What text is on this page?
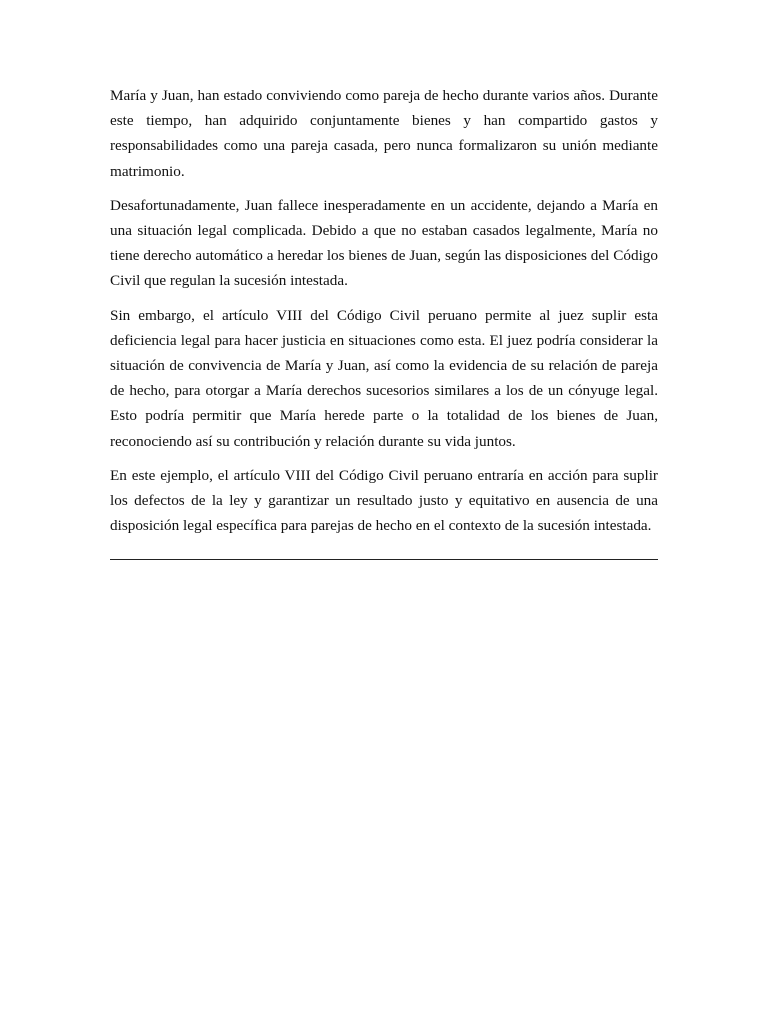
María y Juan, han estado conviviendo como pareja de hecho durante varios años. Durante este tiempo, han adquirido conjuntamente bienes y han compartido gastos y responsabilidades como una pareja casada, pero nunca formalizaron su unión mediante matrimonio.

Desafortunadamente, Juan fallece inesperadamente en un accidente, dejando a María en una situación legal complicada. Debido a que no estaban casados legalmente, María no tiene derecho automático a heredar los bienes de Juan, según las disposiciones del Código Civil que regulan la sucesión intestada.

Sin embargo, el artículo VIII del Código Civil peruano permite al juez suplir esta deficiencia legal para hacer justicia en situaciones como esta. El juez podría considerar la situación de convivencia de María y Juan, así como la evidencia de su relación de pareja de hecho, para otorgar a María derechos sucesorios similares a los de un cónyuge legal. Esto podría permitir que María herede parte o la totalidad de los bienes de Juan, reconociendo así su contribución y relación durante su vida juntos.

En este ejemplo, el artículo VIII del Código Civil peruano entraría en acción para suplir los defectos de la ley y garantizar un resultado justo y equitativo en ausencia de una disposición legal específica para parejas de hecho en el contexto de la sucesión intestada.
